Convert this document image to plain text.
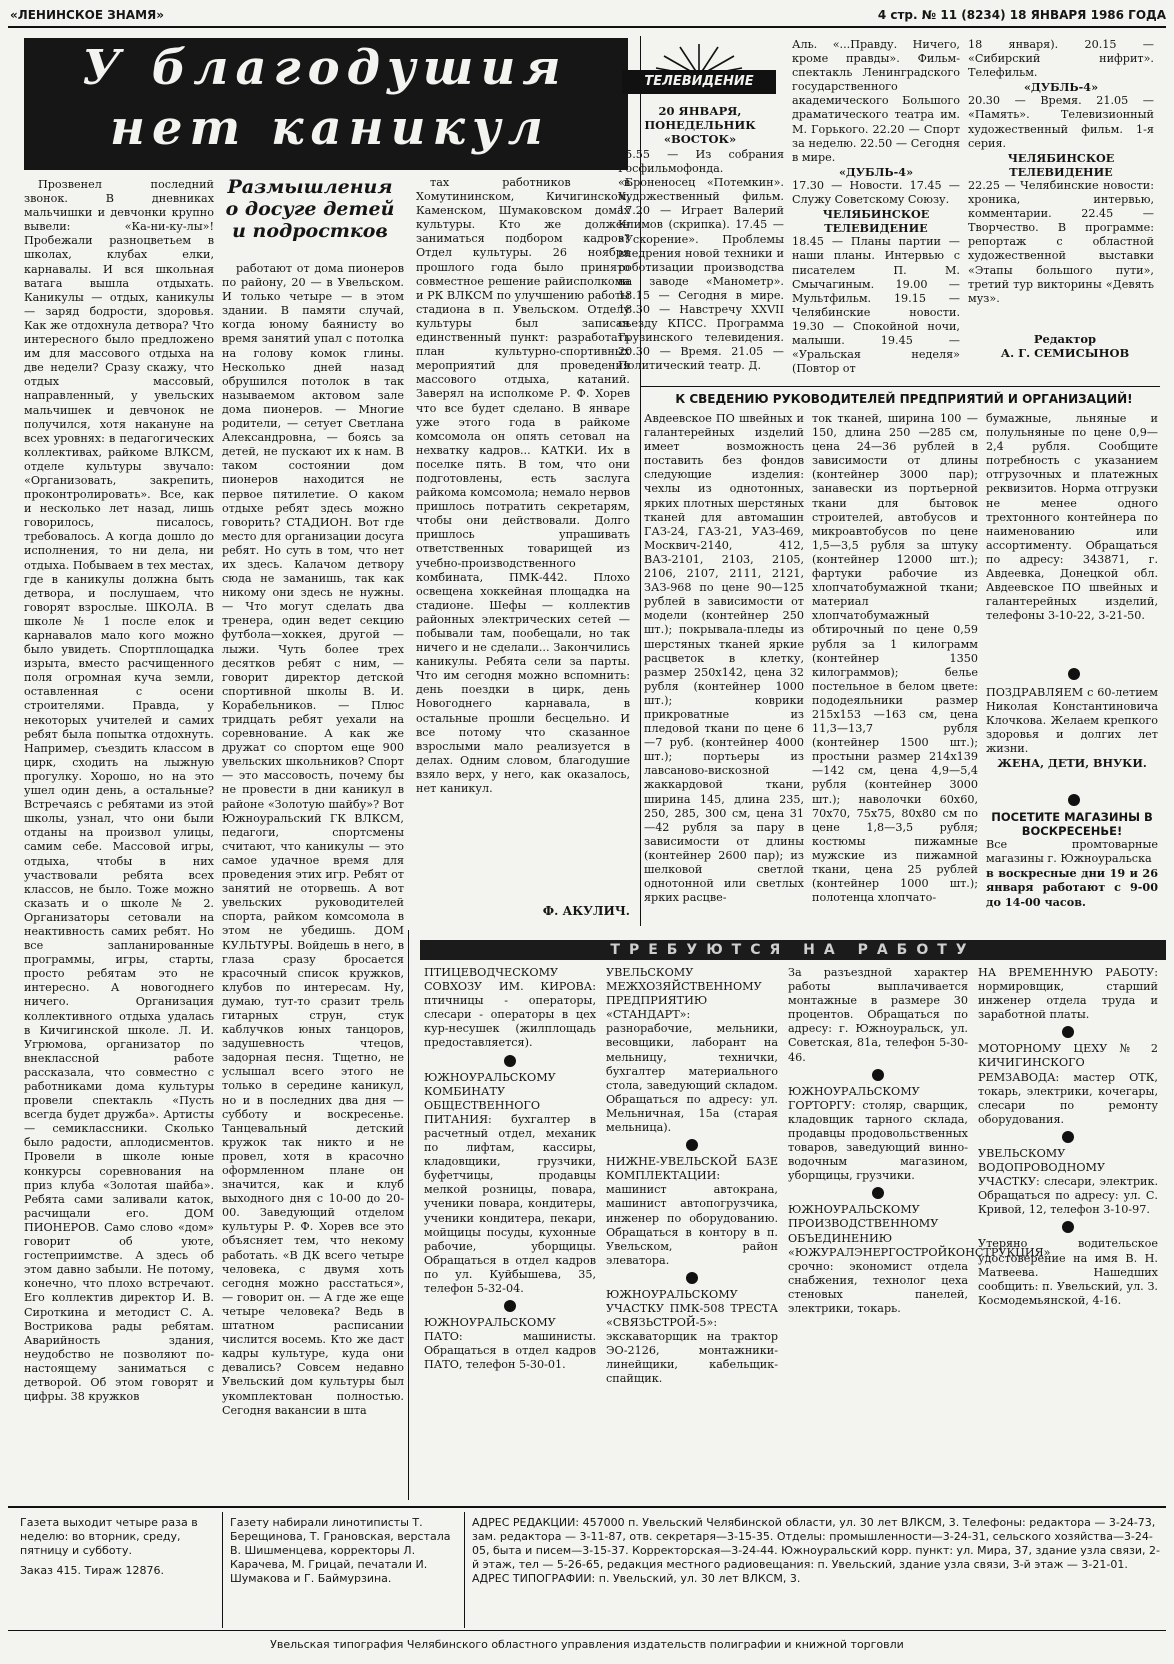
«ЛЕНИНСКОЕ ЗНАМЯ»	4 стр. № 11 (8234) 18 ЯНВАРЯ 1986 ГОДА
У благодушия
нет каникул

Прозвенел последний звонок. В дневниках мальчишки и девчонки крупно вывели: «Ка-ни-ку-лы»! Пробежали разноцветьем в школах, клубах елки, карнавалы. И вся школьная ватага вышла отдыхать. Каникулы — отдых, каникулы — заряд бодрости, здоровья. Как же отдохнула детвора? Что интересного было предложено им для массового отдыха на две недели? Сразу скажу, что отдых массовый, направленный, у увельских мальчишек и девчонок не получился, хотя накануне на всех уровнях: в педагогических коллективах, райкоме ВЛКСМ, отделе культуры звучало: «Организовать, закрепить, проконтролировать». Все, как и несколько лет назад, лишь говорилось, писалось, требовалось. А когда дошло до исполнения, то ни дела, ни отдыха. Побываем в тех местах, где в каникулы должна быть детвора, и послушаем, что говорят взрослые. ШКОЛА. В школе № 1 после елок и карнавалов мало кого можно было увидеть. Спортплощадка изрыта, вместо расчищенного поля огромная куча земли, оставленная с осени строителями. Правда, у некоторых учителей и самих ребят была попытка отдохнуть. Например, съездить классом в цирк, сходить на лыжную прогулку. Хорошо, но на это ушел один день, а остальные? Встречаясь с ребятами из этой школы, узнал, что они были отданы на произвол улицы, самим себе. Массовой игры, отдыха, чтобы в них участвовали ребята всех классов, не было. Тоже можно сказать и о школе № 2. Организаторы сетовали на неактивность самих ребят. Но все запланированные программы, игры, старты, просто ребятам это не интересно. А новогоднего ничего. Организация коллективного отдыха удалась в Кичигинской школе. Л. И. Угрюмова, организатор по внеклассной работе рассказала, что совместно с работниками дома культуры провели спектакль «Пусть всегда будет дружба». Артисты — семиклассники. Сколько было радости, аплодисментов. Провели в школе юные конкурсы соревнования на приз клуба «Золотая шайба». Ребята сами заливали каток, расчищали его. ДОМ ПИОНЕРОВ. Само слово «дом» говорит об уюте, гостеприимстве. А здесь об этом давно забыли. Не потому, конечно, что плохо встречают. Его коллектив директор И. В. Сироткина и методист С. А. Вострикова рады ребятам. Аварийность здания, неудобство не позволяют по-настоящему заниматься с детворой. Об этом говорят и цифры. 38 кружков

Размышления о досуге детей и подростков

работают от дома пионеров по району, 20 — в Увельском. И только четыре — в этом здании. В памяти случай, когда юному баянисту во время занятий упал с потолка на голову комок глины. Несколько дней назад обрушился потолок в так называемом актовом зале дома пионеров. — Многие родители, — сетует Светлана Александровна, — боясь за детей, не пускают их к нам. В таком состоянии дом пионеров находится не первое пятилетие. О каком отдыхе ребят здесь можно говорить? СТАДИОН. Вот где место для организации досуга ребят. Но суть в том, что нет их здесь. Калачом детвору сюда не заманишь, так как никому они здесь не нужны. — Что могут сделать два тренера, один ведет секцию футбола—хоккея, другой — лыжи. Чуть более трех десятков ребят с ним, — говорит директор детской спортивной школы В. И. Корабельников. — Плюс тридцать ребят уехали на соревнование. А как же дружат со спортом еще 900 увельских школьников? Спорт — это массовость, почему бы не провести в дни каникул в районе «Золотую шайбу»? Вот Южноуральский ГК ВЛКСМ, педагоги, спортсмены считают, что каникулы — это самое удачное время для проведения этих игр. Ребят от занятий не оторвешь. А вот увельских руководителей спорта, райком комсомола в этом не убедишь. ДОМ КУЛЬТУРЫ. Войдешь в него, в глаза сразу бросается красочный список кружков, клубов по интересам. Ну, думаю, тут-то сразит трель гитарных струн, стук каблучков юных танцоров, задушевность чтецов, задорная песня. Тщетно, не услышал всего этого не только в середине каникул, но и в последних два дня — субботу и воскресенье. Танцевальный детский кружок так никто и не провел, хотя в красочно оформленном плане он значится, как и клуб выходного дня с 10-00 до 20-00. Заведующий отделом культуры Р. Ф. Хорев все это объясняет тем, что некому работать. «В ДК всего четыре человека, с двумя хоть сегодня можно расстаться», — говорит он. — А где же еще четыре человека? Ведь в штатном расписании числится восемь. Кто же даст кадры культуре, куда они девались? Совсем недавно Увельский дом культуры был укомплектован полностью. Сегодня вакансии в шта

тах работников в Хомутининском, Кичигинском, Каменском, Шумаковском домах культуры. Кто же должен заниматься подбором кадров? Отдел культуры. 26 ноября прошлого года было принято совместное решение райисполкома и РК ВЛКСМ по улучшению работы стадиона в п. Увельском. Отделу культуры был записан единственный пункт: разработать план культурно-спортивных мероприятий для проведения массового отдыха, катаний. Заверял на исполкоме Р. Ф. Хорев что все будет сделано. В январе уже этого года в райкоме комсомола он опять сетовал на нехватку кадров... КАТКИ. Их в поселке пять. В том, что они подготовлены, есть заслуга райкома комсомола; немало нервов пришлось потратить секретарям, чтобы они действовали. Долго пришлось упрашивать ответственных товарищей из учебно-производственного комбината, ПМК-442. Плохо освещена хоккейная площадка на стадионе. Шефы — коллектив районных электрических сетей — побывали там, пообещали, но так ничего и не сделали... Закончились каникулы. Ребята сели за парты. Что им сегодня можно вспомнить: день поездки в цирк, день Новогоднего карнавала, в остальные прошли бесцельно. И все потому что сказанное взрослыми мало реализуется в делах. Одним словом, благодушие взяло верх, у него, как оказалось, нет каникул.

Ф. АКУЛИЧ.
ТЕЛЕВИДЕНИЕ
20 ЯНВАРЯ, ПОНЕДЕЛЬНИК «ВОСТОК»
15.55 — Из собрания Госфильмофонда. «Броненосец «Потемкин». Художественный фильм. 17.20 — Играет Валерий Климов (скрипка). 17.45 — «Ускорение». Проблемы внедрения новой техники и роботизации производства на заводе «Манометр». 18.15 — Сегодня в мире. 18.30 — Навстречу XXVII съезду КПСС. Программа Грузинского телевидения. 20.30 — Время. 21.05 — Политический театр. Д.
Аль. «...Правду. Ничего, кроме правды». Фильм-спектакль Ленинградского государственного академического Большого драматического театра им. М. Горького. 22.20 — Спорт за неделю. 22.50 — Сегодня в мире.
«ДУБЛЬ-4»
17.30 — Новости. 17.45 — Служу Советскому Союзу.
ЧЕЛЯБИНСКОЕ ТЕЛЕВИДЕНИЕ
18.45 — Планы партии — наши планы. Интервью с писателем П. М. Смычагиным. 19.00 — Мультфильм. 19.15 — Челябинские новости. 19.30 — Спокойной ночи, малыши. 19.45 — «Уральская неделя» (Повтор от
18 января). 20.15 — «Сибирский нифрит». Телефильм.
«ДУБЛЬ-4»
20.30 — Время. 21.05 — «Память». Телевизионный художественный фильм. 1-я серия.
ЧЕЛЯБИНСКОЕ ТЕЛЕВИДЕНИЕ
22.25 — Челябинские новости: хроника, интервью, комментарии. 22.45 — Творчество. В программе: репортаж с областной художественной выставки «Этапы большого пути», третий тур викторины «Девять муз».
Редактор
А. Г. СЕМИСЫНОВ
К СВЕДЕНИЮ РУКОВОДИТЕЛЕЙ ПРЕДПРИЯТИЙ И ОРГАНИЗАЦИЙ!
Авдеевское ПО швейных и галантерейных изделий имеет возможность поставить без фондов следующие изделия: чехлы из однотонных, ярких плотных шерстяных тканей для автомашин ГАЗ-24, ГАЗ-21, УАЗ-469, Москвич-2140, 412, ВАЗ-2101, 2103, 2105, 2106, 2107, 2111, 2121, ЗАЗ-968 по цене 90—125 рублей в зависимости от модели (контейнер 250 шт.); покрывала-пледы из шерстяных тканей яркие расцветок в клетку, размер 250х142, цена 32 рубля (контейнер 1000 шт.); коврики прикроватные из пледовой ткани по цене 6—7 руб. (контейнер 4000 шт.); портьеры из лавсаново-вискозной жаккардовой ткани, ширина 145, длина 235, 250, 285, 300 см, цена 31—42 рубля за пару в зависимости от длины (контейнер 2600 пар); из шелковой светлой однотонной или светлых ярких расцве-
ток тканей, ширина 100 — 150, длина 250 —285 см, цена 24—36 рублей в зависимости от длины (контейнер 3000 пар); занавески из портьерной ткани для бытовок строителей, автобусов и микроавтобусов по цене 1,5—3,5 рубля за штуку (контейнер 12000 шт.); фартуки рабочие из хлопчатобумажной ткани; материал хлопчатобумажный обтирочный по цене 0,59 рубля за 1 килограмм (контейнер 1350 килограммов); белье постельное в белом цвете: пододеяльники размер 215х153 —163 см, цена 11,3—13,7 рубля (контейнер 1500 шт.); простыни размер 214х139—142 см, цена 4,9—5,4 рубля (контейнер 3000 шт.); наволочки 60х60, 70х70, 75х75, 80х80 см по цене 1,8—3,5 рубля; костюмы пижамные мужские из пижамной ткани, цена 25 рублей (контейнер 1000 шт.); полотенца хлопчато-
бумажные, льняные и полульняные по цене 0,9—2,4 рубля. Сообщите потребность с указанием отгрузочных и платежных реквизитов. Норма отгрузки не менее одного трехтонного контейнера по наименованию или ассортименту. Обращаться по адресу: 343871, г. Авдеевка, Донецкой обл. Авдеевское ПО швейных и галантерейных изделий, телефоны 3-10-22, 3-21-50.
ПОЗДРАВЛЯЕМ с 60-летием Николая Константиновича Клочкова. Желаем крепкого здоровья и долгих лет жизни.
ЖЕНА, ДЕТИ, ВНУКИ.
ПОСЕТИТЕ МАГАЗИНЫ В ВОСКРЕСЕНЬЕ!
Все промтоварные магазины г. Южноуральска
в воскресные дни 19 и 26 января работают с 9-00 до 14-00 часов.
ТРЕБУЮТСЯ НА РАБОТУ
ПТИЦЕВОДЧЕСКОМУ СОВХОЗУ ИМ. КИРОВА: птичницы - операторы, слесари - операторы в цех кур-несушек (жилплощадь предоставляется).
ЮЖНОУРАЛЬСКОМУ КОМБИНАТУ ОБЩЕСТВЕННОГО ПИТАНИЯ: бухгалтер в расчетный отдел, механик по лифтам, кассиры, кладовщики, грузчики, буфетчицы, продавцы мелкой розницы, повара, ученики повара, кондитеры, ученики кондитера, пекари, мойщицы посуды, кухонные рабочие, уборщицы. Обращаться в отдел кадров по ул. Куйбышева, 35, телефон 5-32-04.
ЮЖНОУРАЛЬСКОМУ ПАТО: машинисты. Обращаться в отдел кадров ПАТО, телефон 5-30-01.
УВЕЛЬСКОМУ МЕЖХОЗЯЙСТВЕННОМУ ПРЕДПРИЯТИЮ «СТАНДАРТ»: разнорабочие, мельники, весовщики, лаборант на мельницу, технички, бухгалтер материального стола, заведующий складом. Обращаться по адресу: ул. Мельничная, 15а (старая мельница).
НИЖНЕ-УВЕЛЬСКОЙ БАЗЕ КОМПЛЕКТАЦИИ: машинист автокрана, машинист автопогрузчика, инженер по оборудованию. Обращаться в контору в п. Увельском, район элеватора.
ЮЖНОУРАЛЬСКОМУ УЧАСТКУ ПМК-508 ТРЕСТА «СВЯЗЬСТРОЙ-5»: экскаваторщик на трактор ЭО-2126, монтажники-линейщики, кабельщик-спайщик.
За разъездной характер работы выплачивается монтажные в размере 30 процентов. Обращаться по адресу: г. Южноуральск, ул. Советская, 81а, телефон 5-30-46.
ЮЖНОУРАЛЬСКОМУ ГОРТОРГУ: столяр, сварщик, кладовщик тарного склада, продавцы продовольственных товаров, заведующий винно-водочным магазином, уборщицы, грузчики.
ЮЖНОУРАЛЬСКОМУ ПРОИЗВОДСТВЕННОМУ ОБЪЕДИНЕНИЮ «ЮЖУРАЛЭНЕРГОСТРОЙКОНСТРУКЦИЯ» срочно: экономист отдела снабжения, технолог цеха стеновых панелей, электрики, токарь.
НА ВРЕМЕННУЮ РАБОТУ: нормировщик, старший инженер отдела труда и заработной платы.
МОТОРНОМУ ЦЕХУ № 2 КИЧИГИНСКОГО РЕМЗАВОДА: мастер ОТК, токарь, электрики, кочегары, слесари по ремонту оборудования.
УВЕЛЬСКОМУ ВОДОПРОВОДНОМУ УЧАСТКУ: слесари, электрик. Обращаться по адресу: ул. С. Кривой, 12, телефон 3-10-97.
Утеряно водительское удостоверение на имя В. Н. Матвеева. Нашедших сообщить: п. Увельский, ул. З. Космодемьянской, 4-16.
Газета выходит четыре раза в неделю: во вторник, среду, пятницу и субботу.
Заказ 415. Тираж 12876.
Газету набирали линотиписты Т. Берещинова, Т. Грановская, верстала В. Шишменцева, корректоры Л. Карачева, М. Грицай, печатали И. Шумакова и Г. Баймурзина.
АДРЕС РЕДАКЦИИ: 457000 п. Увельский Челябинской области, ул. 30 лет ВЛКСМ, 3. Телефоны: редактора — 3-24-73, зам. редактора — 3-11-87, отв. секретаря—3-15-35. Отделы: промышленности—3-24-31, сельского хозяйства—3-24-05, быта и писем—3-15-37. Корректорская—3-24-44. Южноуральский корр. пункт: ул. Мира, 37, здание узла связи, 2-й этаж, тел — 5-26-65, редакция местного радиовещания: п. Увельский, здание узла связи, 3-й этаж — 3-21-01. АДРЕС ТИПОГРАФИИ: п. Увельский, ул. 30 лет ВЛКСМ, 3.
Увельская типография Челябинского областного управления издательств полиграфии и книжной торговли
